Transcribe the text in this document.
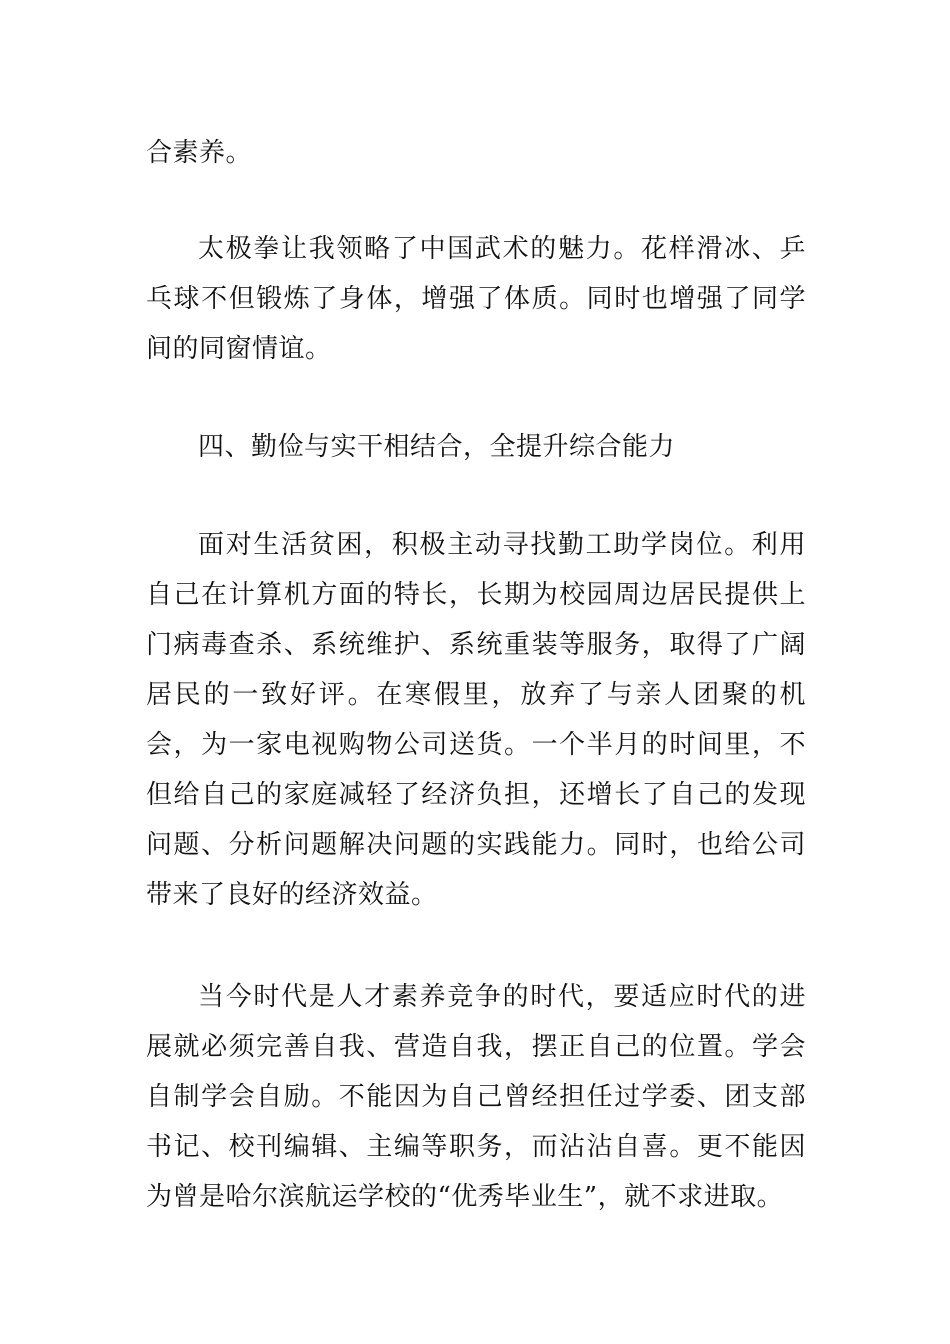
合素养。

太极拳让我领略了中国武术的魅力。花样滑冰、乒乓球不但锻炼了身体，增强了体质。同时也增强了同学间的同窗情谊。

四、勤俭与实干相结合，全提升综合能力

面对生活贫困，积极主动寻找勤工助学岗位。利用自己在计算机方面的特长，长期为校园周边居民提供上门病毒查杀、系统维护、系统重装等服务，取得了广阔居民的一致好评。在寒假里，放弃了与亲人团聚的机会，为一家电视购物公司送货。一个半月的时间里，不但给自己的家庭减轻了经济负担，还增长了自己的发现问题、分析问题解决问题的实践能力。同时，也给公司带来了良好的经济效益。

当今时代是人才素养竞争的时代，要适应时代的进展就必须完善自我、营造自我，摆正自己的位置。学会自制学会自励。不能因为自己曾经担任过学委、团支部书记、校刊编辑、主编等职务，而沾沾自喜。更不能因为曾是哈尔滨航运学校的“优秀毕业生”，就不求进取。
